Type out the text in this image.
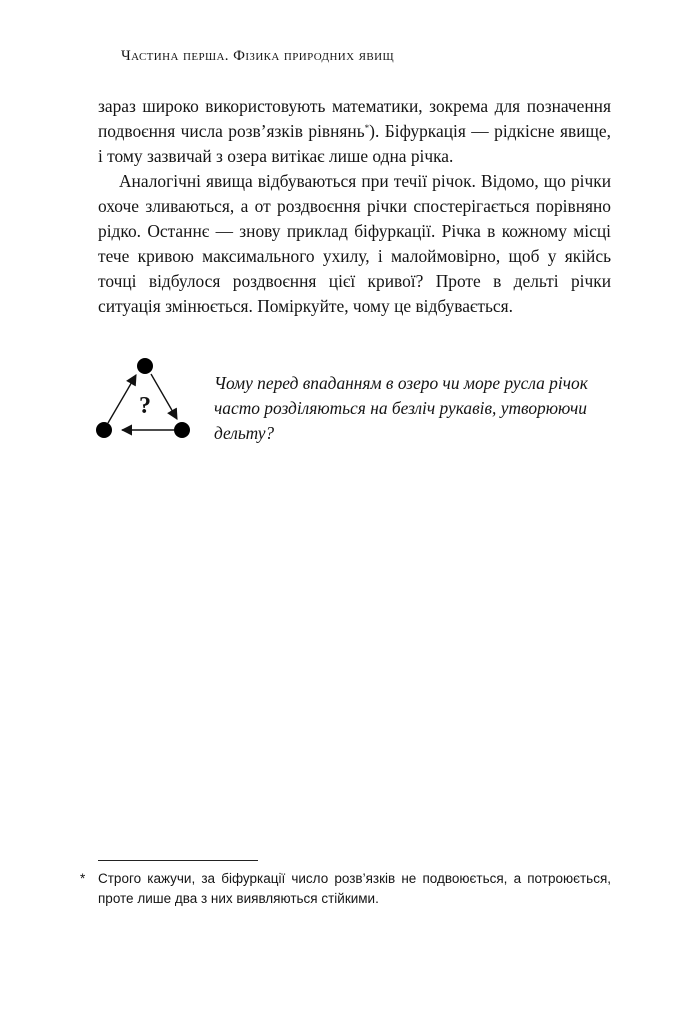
Частина перша. Фізика природних явищ

зараз широко використовують математики, зокрема для позначення подвоєння числа розв’язків рівнянь*). Біфуркація — рідкісне явище, і тому зазвичай з озера витікає лише одна річка.

Аналогічні явища відбуваються при течії річок. Відомо, що річки охоче зливаються, а от роздвоєння річки спостерігається порівняно рідко. Останнє — знову приклад біфуркації. Річка в кожному місці тече кривою максимального ухилу, і малоймовірно, щоб у якійсь точці відбулося роздвоєння цієї кривої? Проте в дельті річки ситуація змінюється. Поміркуйте, чому це відбувається.

?
Чому перед впаданням в озеро чи море русла річок часто розділяються на безліч рукавів, утворюючи дельту?
* Строго кажучи, за біфуркації число розв’язків не подвоюється, а потроюється, проте лише два з них виявляються стійкими.
